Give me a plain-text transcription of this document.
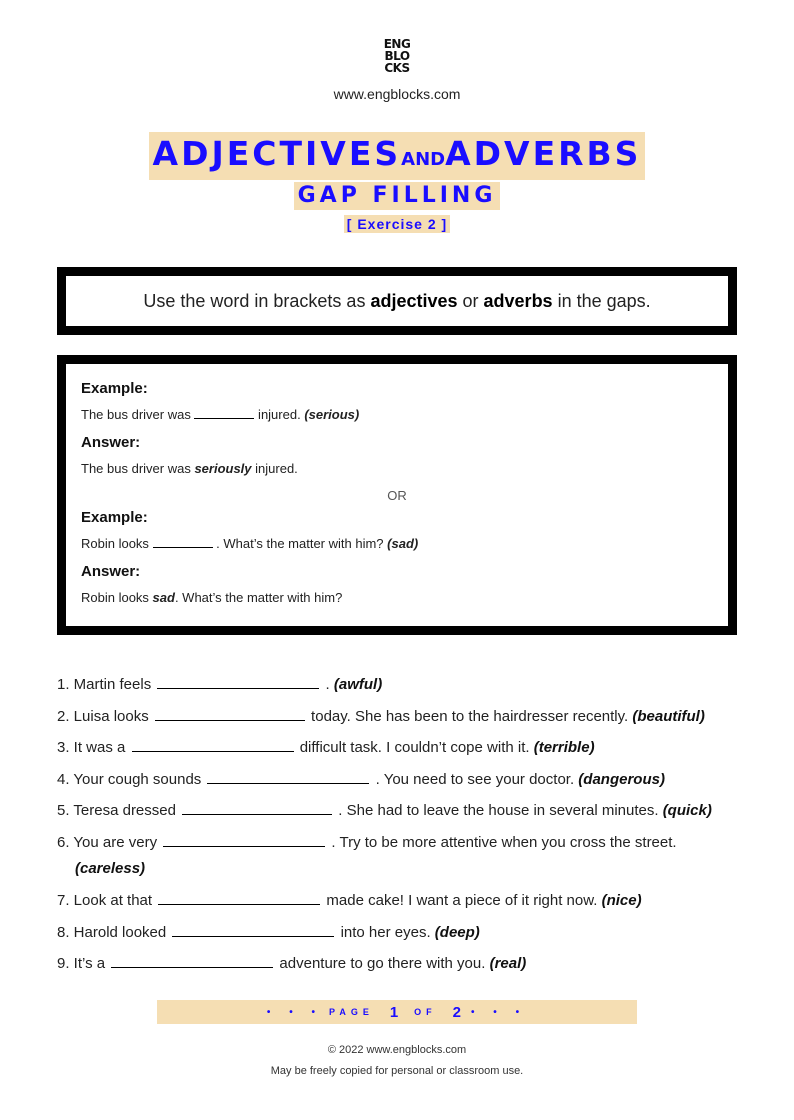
ENG
BLO
CKS
www.engblocks.com
ADJECTIVESANDADVERBS
GAP FILLING
[ Exercise 2 ]
Use the word in brackets as adjectives or adverbs in the gaps.
Example:
The bus driver was	injured. (serious)
Answer:
The bus driver was seriously injured.
OR
Example:
Robin looks	. What’s the matter with him? (sad)
Answer:
Robin looks sad. What’s the matter with him?
1. Martin feels	. (awful)
2. Luisa looks	today. She has been to the hairdresser recently. (beautiful)
3. It was a	difficult task. I couldn’t cope with it. (terrible)
4. Your cough sounds	. You need to see your doctor. (dangerous)
5. Teresa dressed	. She had to leave the house in several minutes. (quick)
6. You are very	. Try to be more attentive when you cross the street.
(careless)
7. Look at that	made cake! I want a piece of it right now. (nice)
8. Harold looked	into her eyes. (deep)
9. It’s a	adventure to go there with you. (real)
• • • PAGE 1 OF 2 • • •
© 2022 www.engblocks.com
May be freely copied for personal or classroom use.
